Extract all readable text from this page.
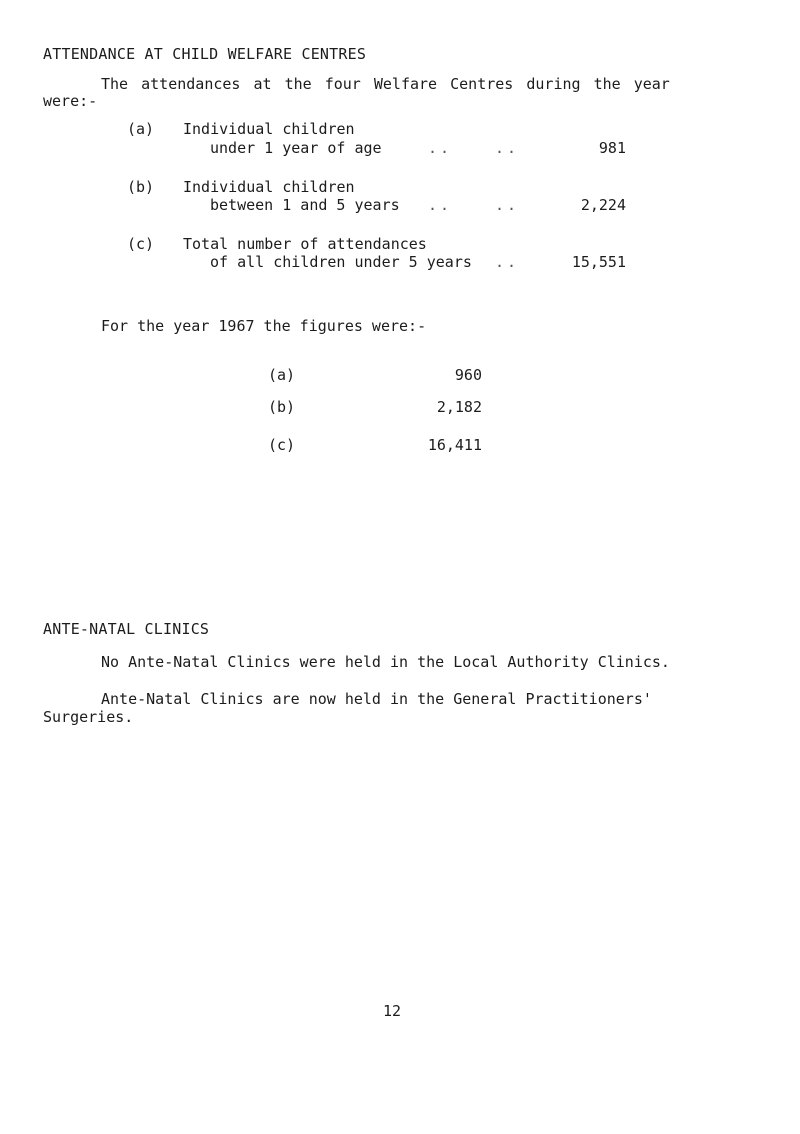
ATTENDANCE AT CHILD WELFARE CENTRES
The attendances at the four Welfare Centres during the year
were:-
(a) Individual children
under 1 year of age	..	..	981
(b) Individual children
between 1 and 5 years ..	..	2,224
(c) Total number of attendances
of all children under 5 years ..	15,551
For the year 1967 the figures were:-
(a)	960
(b)	2,182
(c)	16,411
ANTE-NATAL CLINICS
No Ante-Natal Clinics were held in the Local Authority Clinics.
Ante-Natal Clinics are now held in the General Practitioners'
Surgeries.
12
